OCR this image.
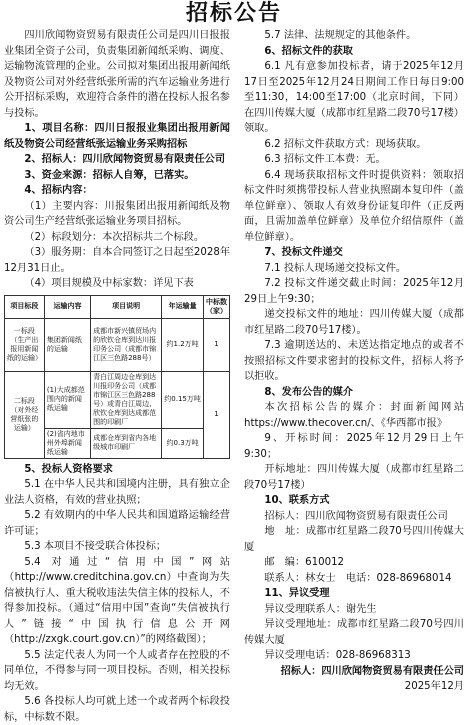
招标公告

四川欣闻物资贸易有限责任公司是四川日报报业集团全资子公司，负责集团新闻纸采购、调度、运输物流管理的企业。公司拟对集团出报用新闻纸及物资公司对外经营纸张所需的汽车运输业务进行公开招标采购，欢迎符合条件的潜在投标人报名参与投标。

1、项目名称：四川日报报业集团出报用新闻纸及物资公司经营纸张运输业务采购招标

2、招标人：四川欣闻物资贸易有限责任公司

3、资金来源：招标人自筹，已落实。

4、招标内容：

（1）主要内容：川报集团出报用新闻纸及物资公司生产经营纸张运输业务项目招标。

（2）标段划分：本次招标共二个标段。

（3）服务期：自本合同签订之日起至2028年12月31日止。

（4）项目规模及中标家数：详见下表

项目标段	运输内容	项目说明	年运输量	中标数（家）
一标段（生产出报用新闻纸的运输）	集团新闻纸的运输	成都市新兴镇贸场内的欣钦仓库到达川报印务公司（成都市锦江区三色路288号）	约1.2万吨	1
二标段（对外经营纸张的运输）	(1)大成都范围内的新闻纸运输	青白江周边仓库到达川报印务公司（成都市锦江区三色路288号）或青白江周边、欣钦仓库到达成都范围的印刷厂	约0.15万吨	1
	(2)省内地市州外埠新闻纸运输	成都仓库到省内各地级城市印刷厂	约0.3万吨	

5、投标人资格要求

5.1 在中华人民共和国境内注册，具有独立企业法人资格，有效的营业执照；

5.2 有效期内的中华人民共和国道路运输经营许可证；

5.3 本项目不接受联合体投标；

5.4 对通过“信用中国”网站（http://www.creditchina.gov.cn）中查询为失信被执行人、重大税收违法失信主体的投标人，不得参加投标。（通过“信用中国”查询“失信被执行人”链接“中国执行信息公开网（http://zxgk.court.gov.cn）”的网络截图）；

5.5 法定代表人为同一个人或者存在控股的不同单位，不得参与同一项目投标。否则，相关投标均无效。

5.6 各投标人均可就上述一个或者两个标段投标，中标数不限。

5.7 法律、法规规定的其他条件。

6、招标文件的获取

6.1 凡有意参加投标者，请于2025年12月17日至2025年12月24日期间工作日每日9:00至11:30，14:00至17:00（北京时间，下同）在四川传媒大厦（成都市红星路二段70号17楼）领取。

6.2 招标文件获取方式：现场获取。

6.3 招标文件工本费：无。

6.4 现场获取招标文件时提供资料：领取招标文件时须携带投标人营业执照副本复印件（盖单位鲜章）、领取人有效身份证复印件（正反两面，且需加盖单位鲜章）及单位介绍信原件（盖单位鲜章）。

7、投标文件递交

7.1 投标人现场递交投标文件。

7.2 投标文件递交截止时间：2025年12月29日上午9:30；

递交投标文件的地址：四川传媒大厦（成都市红星路二段70号17楼）。

7.3 逾期送达的、未送达指定地点的或者不按照招标文件要求密封的投标文件，招标人将予以拒收。

8、发布公告的媒介

本次招标公告的媒介：封面新闻网站https://www.thecover.cn/、《华西都市报》

9、开标时间：2025年12月29日上午9:30；

开标地址：四川传媒大厦（成都市红星路二段70号17楼）

10、联系方式

招标人：四川欣闻物资贸易有限责任公司

地　址：成都市红星路二段70号四川传媒大厦

邮　编：610012

联系人：林女士　电话：028-86968014

11、异议受理

异议受理联系人：谢先生

异议受理地址：成都市红星路二段70号四川传媒大厦

异议受理电话：028-86968313

招标人：四川欣闻物资贸易有限责任公司

2025年12月
